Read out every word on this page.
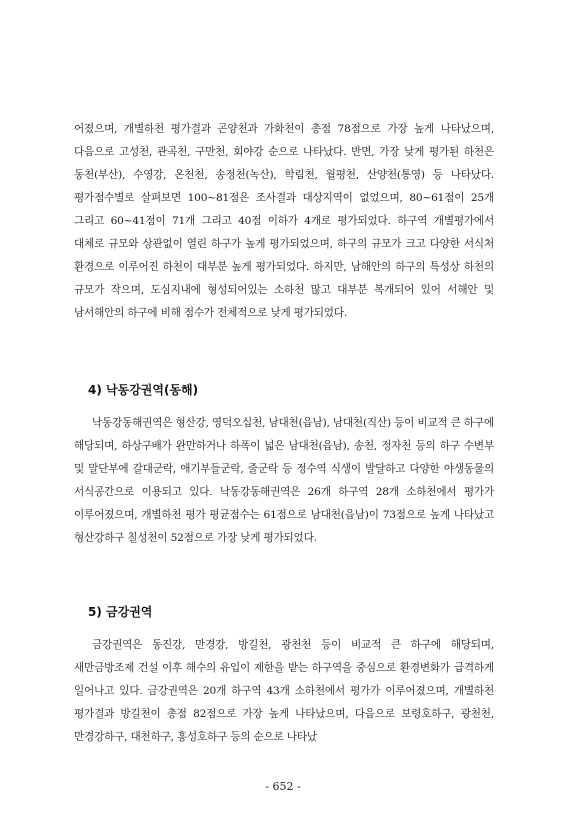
어졌으며, 개별하천 평가결과 곤양천과 가화천이 총점 78점으로 가장 높게 나타났으며, 다음으로 고성천, 관곡천, 구만천, 회야강 순으로 나타났다. 반면, 가장 낮게 평가된 하천은 동천(부산), 수영강, 온천천, 송정천(녹산), 학림천, 월평천, 산양천(통영) 등 나타났다. 평가점수별로 살펴보면 100~81점은 조사결과 대상지역이 없었으며, 80~61점이 25개 그리고 60~41점이 71개 그리고 40점 이하가 4개로 평가되었다. 하구역 개별평가에서 대체로 규모와 상관없이 열린 하구가 높게 평가되었으며, 하구의 규모가 크고 다양한 서식처 환경으로 이루어진 하천이 대부분 높게 평가되었다. 하지만, 남해안의 하구의 특성상 하천의 규모가 작으며, 도심지내에 형성되어있는 소하천 많고 대부분 복개되어 있어 서해안 및 남서해안의 하구에 비해 점수가 전체적으로 낮게 평가되었다.

4) 낙동강권역(동해)

낙동강동해권역은 형산강, 영덕오십천, 남대천(읍남), 남대천(직산) 등이 비교적 큰 하구에 해당되며, 하상구배가 완만하거나 하폭이 넓은 남대천(읍남), 송천, 정자천 등의 하구 수변부 및 말단부에 갈대군락, 애기부들군락, 줄군락 등 정수역 식생이 발달하고 다양한 야생동물의 서식공간으로 이용되고 있다. 낙동강동해권역은 26개 하구역 28개 소하천에서 평가가 이루어졌으며, 개별하천 평가 평균점수는 61점으로 남대천(읍남)이 73점으로 높게 나타났고 형산강하구 칠성천이 52점으로 가장 낮게 평가되었다.

5) 금강권역

금강권역은 동진강, 만경강, 방길천, 광천천 등이 비교적 큰 하구에 해당되며, 새만금방조제 건설 이후 해수의 유입이 제한을 받는 하구역을 중심으로 환경변화가 급격하게 일어나고 있다. 금강권역은 20개 하구역 43개 소하천에서 평가가 이루어졌으며, 개별하천 평가결과 방길천이 총점 82점으로 가장 높게 나타났으며, 다음으로 보령호하구, 광천천, 만경강하구, 대천하구, 홍성호하구 등의 순으로 나타났

- 652 -
